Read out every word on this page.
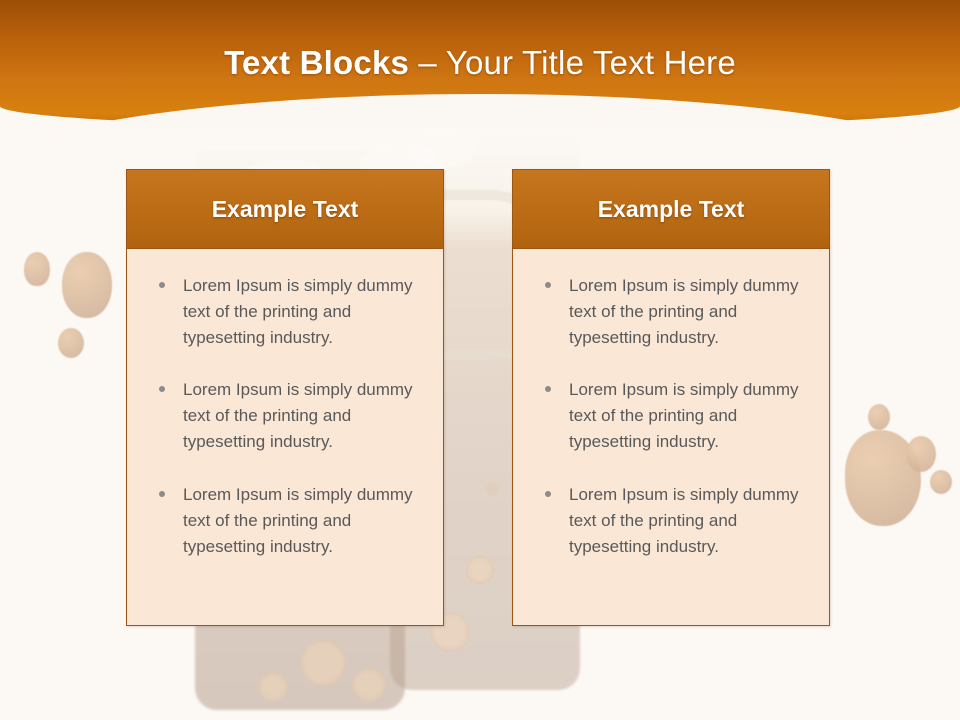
Text Blocks – Your Title Text Here
Example Text
Lorem Ipsum is simply dummy text of the printing and typesetting industry.
Lorem Ipsum is simply dummy text of the printing and typesetting industry.
Lorem Ipsum is simply dummy text of the printing and typesetting industry.
Example Text
Lorem Ipsum is simply dummy text of the printing and typesetting industry.
Lorem Ipsum is simply dummy text of the printing and typesetting industry.
Lorem Ipsum is simply dummy text of the printing and typesetting industry.
